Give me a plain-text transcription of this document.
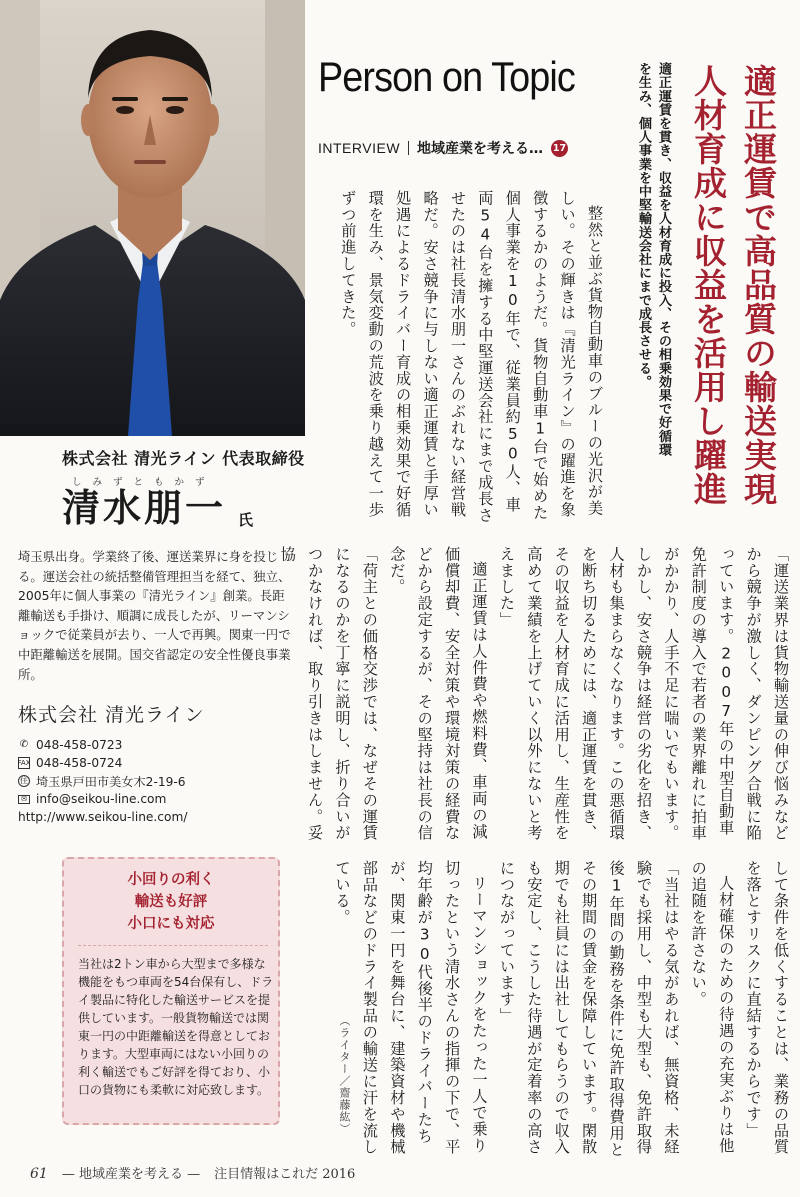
株式会社 清光ライン 代表取締役
しみずともかず
清水朋一 氏
埼玉県出身。学業終了後、運送業界に身を投じる。運送会社の統括整備管理担当を経て、独立、2005年に個人事業の『清光ライン』創業。長距離輸送も手掛け、順調に成長したが、リーマンショックで従業員が去り、一人で再興。関東一円で中距離輸送を展開。国交省認定の安全性優良事業所。
株式会社 清光ライン
✆ 048-458-0723
FAX 048-458-0724
住 埼玉県戸田市美女木2-19-6
✉ info@seikou-line.com
http://www.seikou-line.com/
小回りの利く
輸送も好評
小口にも対応
当社は2トン車から大型まで多様な機能をもつ車両を54台保有し、ドライ製品に特化した輸送サービスを提供しています。一般貨物輸送では関東一円の中距離輸送を得意としております。大型車両にはない小回りの利く輸送でもご好評を得ており、小口の貨物にも柔軟に対応致します。
Person on Topic
INTERVIEW 地域産業を考える… 17	適正運賃で高品質の輸送実現
人材育成に収益を活用し躍進
適正運賃を貫き、収益を人材育成に投入、その相乗効果で好循環
を生み、個人事業を中堅輸送会社にまで成長させる。

整然と並ぶ貨物自動車のブルーの光沢が美しい。その輝きは『清光ライン』の躍進を象徴するかのようだ。貨物自動車1台で始めた個人事業を10年で、従業員約50人、車両54台を擁する中堅運送会社にまで成長させたのは社長清水朋一さんのぶれない経営戦略だ。安さ競争に与しない適正運賃と手厚い処遇によるドライバー育成の相乗効果で好循環を生み、景気変動の荒波を乗り越えて一歩ずつ前進してきた。

「運送業界は貨物輸送量の伸び悩みなどから競争が激しく、ダンピング合戦に陥っています。2007年の中型自動車免許制度の導入で若者の業界離れに拍車がかかり、人手不足に喘いでもいます。しかし、安さ競争は経営の劣化を招き、人材も集まらなくなります。この悪循環を断ち切るためには、適正運賃を貫き、その収益を人材育成に活用し、生産性を高めて業績を上げていく以外にないと考えました」

適正運賃は人件費や燃料費、車両の減価償却費、安全対策や環境対策の経費などから設定するが、その堅持は社長の信念だ。

「荷主との価格交渉では、なぜその運賃になるのかを丁寧に説明し、折り合いがつかなければ、取り引きはしません。妥協

して条件を低くすることは、業務の品質を落とすリスクに直結するからです」

人材確保のための待遇の充実ぶりは他の追随を許さない。

「当社はやる気があれば、無資格、未経験でも採用し、中型も大型も、免許取得後1年間の勤務を条件に免許取得費用とその期間の賃金を保障しています。閑散期でも社員には出社してもらうので収入も安定し、こうした待遇が定着率の高さにつながっています」

リーマンショックをたった一人で乗り切ったという清水さんの指揮の下で、平均年齢が30代後半のドライバーたちが、関東一円を舞台に、建築資材や機械部品などのドライ製品の輸送に汗を流している。

（ライター／齋藤紘）
61 — 地域産業を考える — 注目情報はこれだ 2016
